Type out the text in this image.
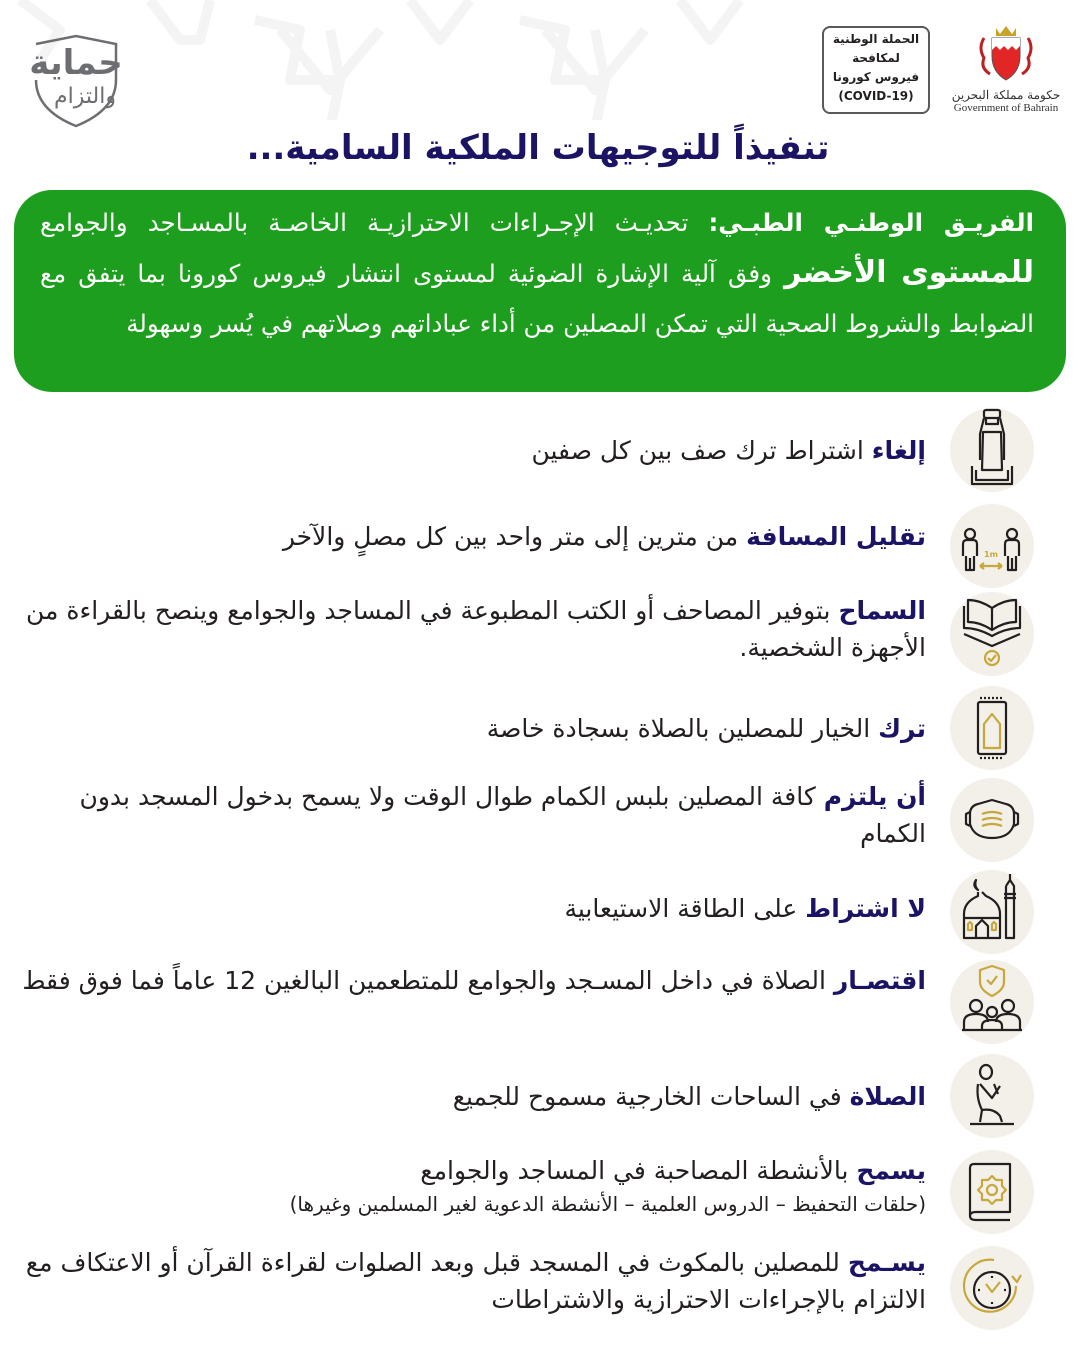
حماية
والتزام
الحملة الوطنية
لمكافحة
فيروس كورونا
(COVID-19)	حكومة مملكة البحرين
Government of Bahrain
تنفيذاً للتوجيهات الملكية السامية...
الفريـق الوطنـي الطبـي: تحديـث الإجـراءات الاحترازيـة الخاصـة بالمسـاجد والجوامع للمستوى الأخضر وفق آلية الإشارة الضوئية لمستوى انتشار فيروس كورونا بما يتفق مع الضوابط والشروط الصحية التي تمكن المصلين من أداء عباداتهم وصلاتهم في يُسر وسهولة
إلغاء اشتراط ترك صف بين كل صفين
1m
تقليل المسافة من مترين إلى متر واحد بين كل مصلٍ والآخر
السماح بتوفير المصاحف أو الكتب المطبوعة في المساجد والجوامع وينصح بالقراءة من الأجهزة الشخصية.
ترك الخيار للمصلين بالصلاة بسجادة خاصة
أن يلتزم كافة المصلين بلبس الكمام طوال الوقت ولا يسمح بدخول المسجد بدون الكمام
لا اشتراط على الطاقة الاستيعابية
اقتصـار الصلاة في داخل المسـجد والجوامع للمتطعمين البالغين 12 عاماً فما فوق فقط
الصلاة في الساحات الخارجية مسموح للجميع
يسمح بالأنشطة المصاحبة في المساجد والجوامع
(حلقات التحفيظ – الدروس العلمية – الأنشطة الدعوية لغير المسلمين وغيرها)
يسـمح للمصلين بالمكوث في المسجد قبل وبعد الصلوات لقراءة القرآن أو الاعتكاف مع الالتزام بالإجراءات الاحترازية والاشتراطات
